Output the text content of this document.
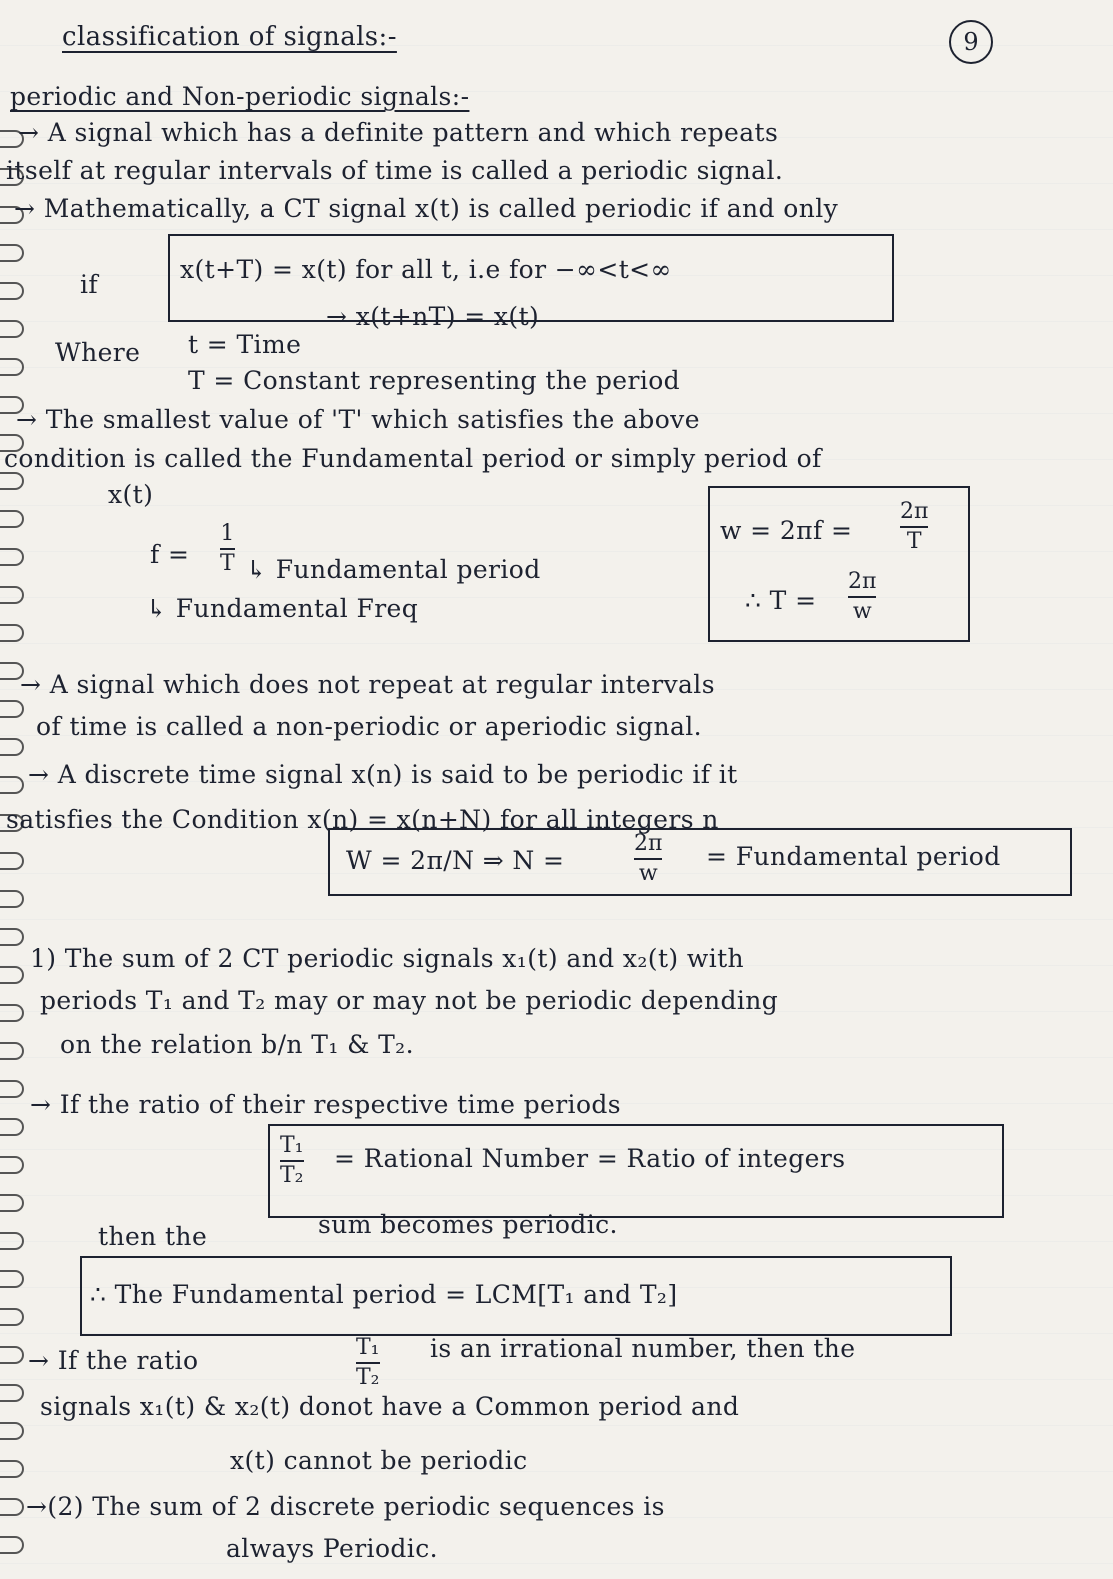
classification of signals:-	9
periodic and Non-periodic signals:-
→ A signal which has a definite pattern and which repeats
itself at regular intervals of time is called a periodic signal.
→ Mathematically, a CT signal x(t) is called periodic if and only
if
x(t+T) = x(t) for all t, i.e for −∞<t<∞
→ x(t+nT) = x(t)
Where t = Time
T = Constant representing the period
→ The smallest value of 'T' which satisfies the above
condition is called the Fundamental period or simply period of
x(t)
f =
1
T ↳ Fundamental period
↳ Fundamental Freq
w = 2πf =
2π
T
∴ T =
2π
w
→ A signal which does not repeat at regular intervals
of time is called a non-periodic or aperiodic signal.
→ A discrete time signal x(n) is said to be periodic if it
satisfies the Condition x(n) = x(n+N) for all integers n
W = 2π/N ⇒ N =
2π
w
= Fundamental period
1) The sum of 2 CT periodic signals x₁(t) and x₂(t) with
periods T₁ and T₂ may or may not be periodic depending
on the relation b/n T₁ & T₂.
→ If the ratio of their respective time periods
T₁
T₂
= Rational Number = Ratio of integers
then the	sum becomes periodic.
∴ The Fundamental period = LCM[T₁ and T₂]
→ If the ratio	T₁
T₂
is an irrational number, then the
signals x₁(t) & x₂(t) donot have a Common period and
x(t) cannot be periodic
→(2) The sum of 2 discrete periodic sequences is
always Periodic.
